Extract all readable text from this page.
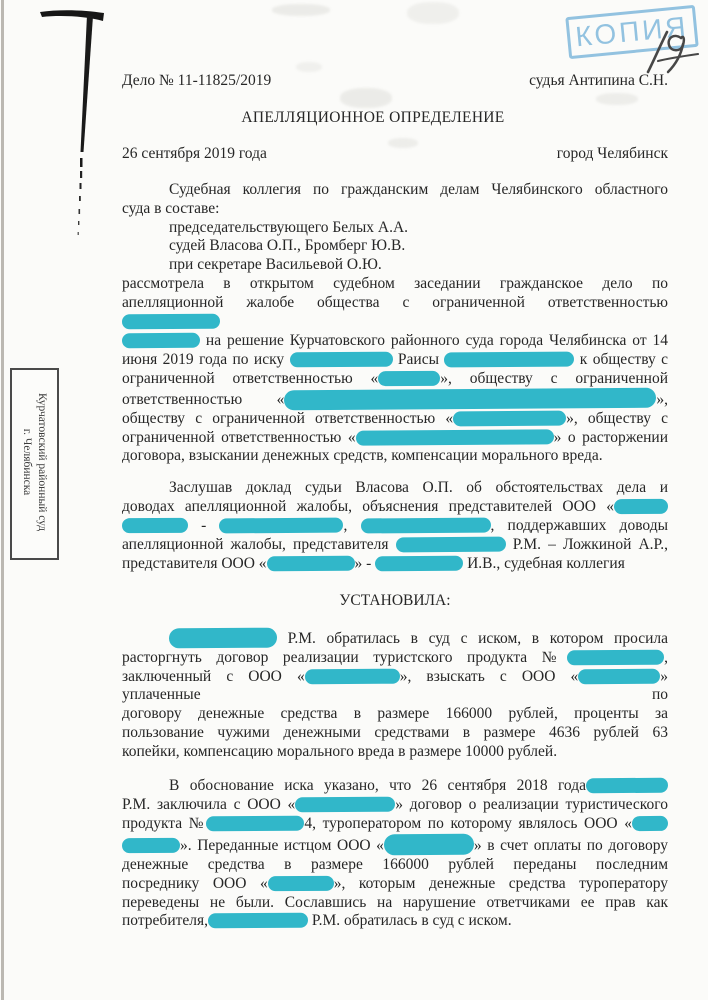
КОПИЯ
Курчатовский районный суд
г. Челябинска
Дело № 11-11825/2019	судья Антипина С.Н.
АПЕЛЛЯЦИОННОЕ ОПРЕДЕЛЕНИЕ
26 сентября 2019 года	город Челябинск
Судебная коллегия по гражданским делам Челябинского областного
суда в составе:
председательствующего Белых А.А.
судей Власова О.П., Бромберг Ю.В.
при секретаре Васильевой О.Ю.
рассмотрела в открытом судебном заседании гражданское дело по
апелляционной жалобе общества с ограниченной ответственностью
на решение Курчатовского районного суда города Челябинска от 14
июня 2019 года по иску	Раисы	к обществу с
ограниченной ответственностью «	», обществу с ограниченной
ответственностью «	»,
обществу с ограниченной ответственностью «	», обществу с
ограниченной ответственностью «	» о расторжении
договора, взыскании денежных средств, компенсации морального вреда.
Заслушав доклад судьи Власова О.П. об обстоятельствах дела и
доводах апелляционной жалобы, объяснения представителей ООО «
-	,	, поддержавших доводы
апелляционной жалобы, представителя	Р.М. – Ложкиной А.Р.,
представителя ООО «	» -	И.В., судебная коллегия
УСТАНОВИЛА:
Р.М. обратилась в суд с иском, в котором просила
расторгнуть договор реализации туристского продукта №	,
заключенный с ООО «	», взыскать с ООО «	» уплаченные по
договору денежные средства в размере 166000 рублей, проценты за
пользование чужими денежными средствами в размере 4636 рублей 63
копейки, компенсацию морального вреда в размере 10000 рублей.
В обоснование иска указано, что 26 сентября 2018 года
Р.М. заключила с ООО «	» договор о реализации туристического
продукта №	4, туроператором по которому являлось ООО «
». Переданные истцом ООО «	» в счет оплаты по договору
денежные средства в размере 166000 рублей переданы последним
посреднику ООО «	», которым денежные средства туроператору
переведены не были. Сославшись на нарушение ответчиками ее прав как
потребителя,	Р.М. обратилась в суд с иском.
